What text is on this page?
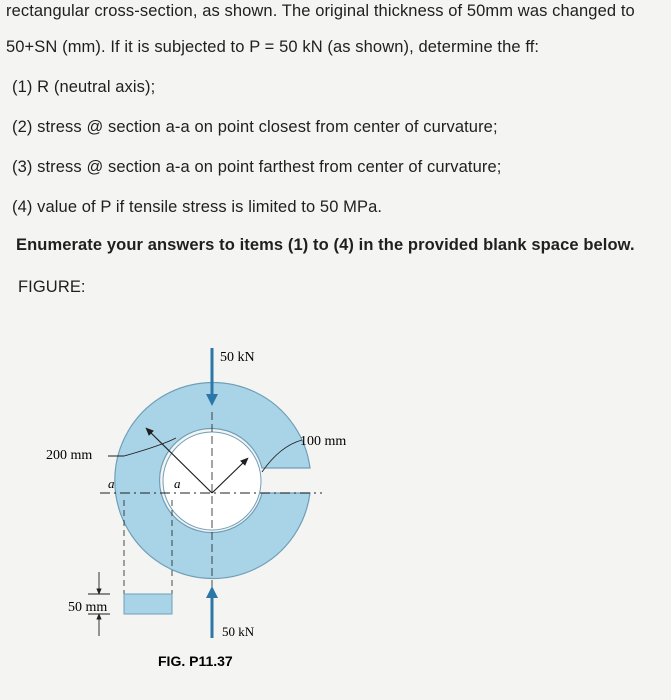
rectangular cross-section, as shown. The original thickness of 50mm was changed to
50+SN (mm). If it is subjected to P = 50 kN (as shown), determine the ff:
(1) R (neutral axis);
(2) stress @ section a-a on point closest from center of curvature;
(3) stress @ section a-a on point farthest from center of curvature;
(4) value of P if tensile stress is limited to 50 MPa.
Enumerate your answers to items (1) to (4) in the provided blank space below.
FIGURE:
50 kN
50 kN
200 mm
100 mm
50 mm
a	a
FIG. P11.37
